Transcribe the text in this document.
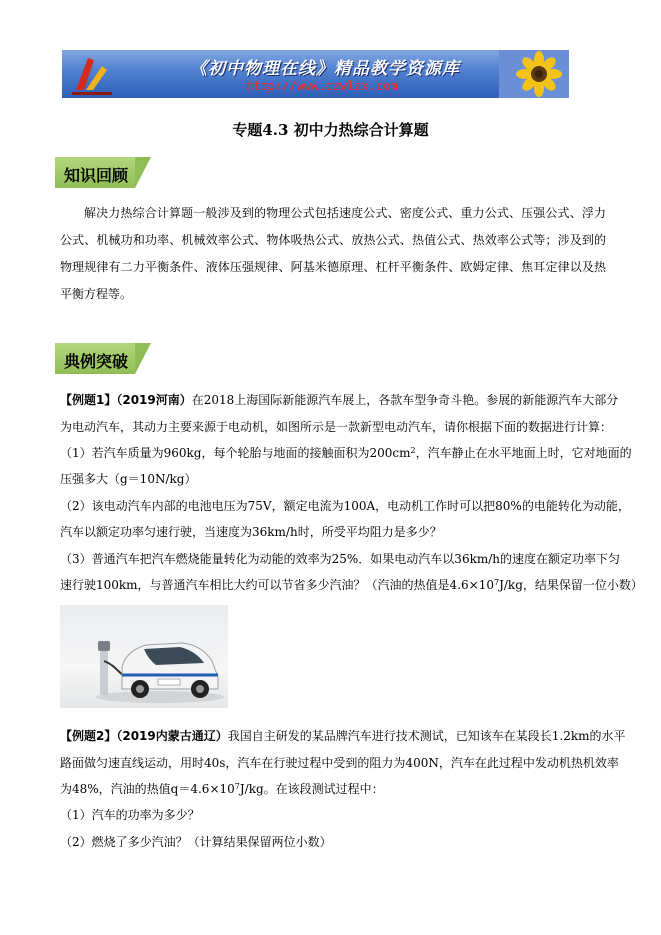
《初中物理在线》精品教学资源库
http://www.czwlzx.com
专题4.3 初中力热综合计算题
知识回顾
解决力热综合计算题一般涉及到的物理公式包括速度公式、密度公式、重力公式、压强公式、浮力公式、机械功和功率、机械效率公式、物体吸热公式、放热公式、热值公式、热效率公式等；涉及到的物理规律有二力平衡条件、液体压强规律、阿基米德原理、杠杆平衡条件、欧姆定律、焦耳定律以及热平衡方程等。
典例突破
【例题1】（2019河南）在2018上海国际新能源汽车展上，各款车型争奇斗艳。参展的新能源汽车大部分
为电动汽车，其动力主要来源于电动机，如图所示是一款新型电动汽车，请你根据下面的数据进行计算：
（1）若汽车质量为960kg，每个轮胎与地面的接触面积为$200cm^2$，汽车静止在水平地面上时，它对地面的
压强多大（g＝10N/kg）
（2）该电动汽车内部的电池电压为75V，额定电流为100A，电动机工作时可以把80%的电能转化为动能，
汽车以额定功率匀速行驶，当速度为36km/h时，所受平均阻力是多少？
（3）普通汽车把汽车燃烧能量转化为动能的效率为25%．如果电动汽车以36km/h的速度在额定功率下匀
速行驶100km，与普通汽车相比大约可以节省多少汽油？（汽油的热值是$4.6\times 10^7J/kg$，结果保留一位小数）
【例题2】（2019内蒙古通辽）我国自主研发的某品牌汽车进行技术测试，已知该车在某段长1.2km的水平
路面做匀速直线运动，用时40s，汽车在行驶过程中受到的阻力为400N，汽车在此过程中发动机热机效率
为48%，汽油的热值$q=4.6\times 10^7J/kg$。在该段测试过程中：
（1）汽车的功率为多少？
（2）燃烧了多少汽油？（计算结果保留两位小数）
